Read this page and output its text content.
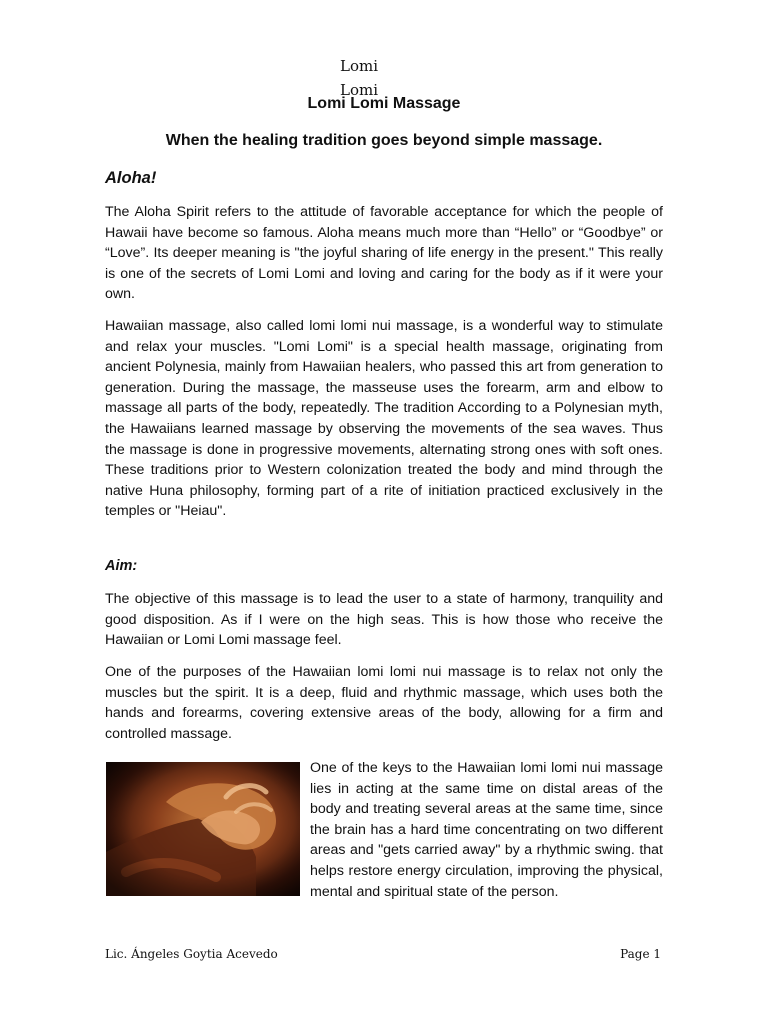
Lomi
Lomi
Lomi Lomi Massage
When the healing tradition goes beyond simple massage.
Aloha!

The Aloha Spirit refers to the attitude of favorable acceptance for which the people of Hawaii have become so famous. Aloha means much more than “Hello” or “Goodbye” or “Love”. Its deeper meaning is "the joyful sharing of life energy in the present." This really is one of the secrets of Lomi Lomi and loving and caring for the body as if it were your own.

Hawaiian massage, also called lomi lomi nui massage, is a wonderful way to stimulate and relax your muscles. "Lomi Lomi" is a special health massage, originating from ancient Polynesia, mainly from Hawaiian healers, who passed this art from generation to generation. During the massage, the masseuse uses the forearm, arm and elbow to massage all parts of the body, repeatedly. The tradition According to a Polynesian myth, the Hawaiians learned massage by observing the movements of the sea waves. Thus the massage is done in progressive movements, alternating strong ones with soft ones. These traditions prior to Western colonization treated the body and mind through the native Huna philosophy, forming part of a rite of initiation practiced exclusively in the temples or "Heiau".

Aim:

The objective of this massage is to lead the user to a state of harmony, tranquility and good disposition. As if I were on the high seas. This is how those who receive the Hawaiian or Lomi Lomi massage feel.

One of the purposes of the Hawaiian lomi lomi nui massage is to relax not only the muscles but the spirit. It is a deep, fluid and rhythmic massage, which uses both the hands and forearms, covering extensive areas of the body, allowing for a firm and controlled massage.

One of the keys to the Hawaiian lomi lomi nui massage lies in acting at the same time on distal areas of the body and treating several areas at the same time, since the brain has a hard time concentrating on two different areas and "gets carried away" by a rhythmic swing. that helps restore energy circulation, improving the physical, mental and spiritual state of the person.
Lic. Ángeles Goytia Acevedo	Page 1
